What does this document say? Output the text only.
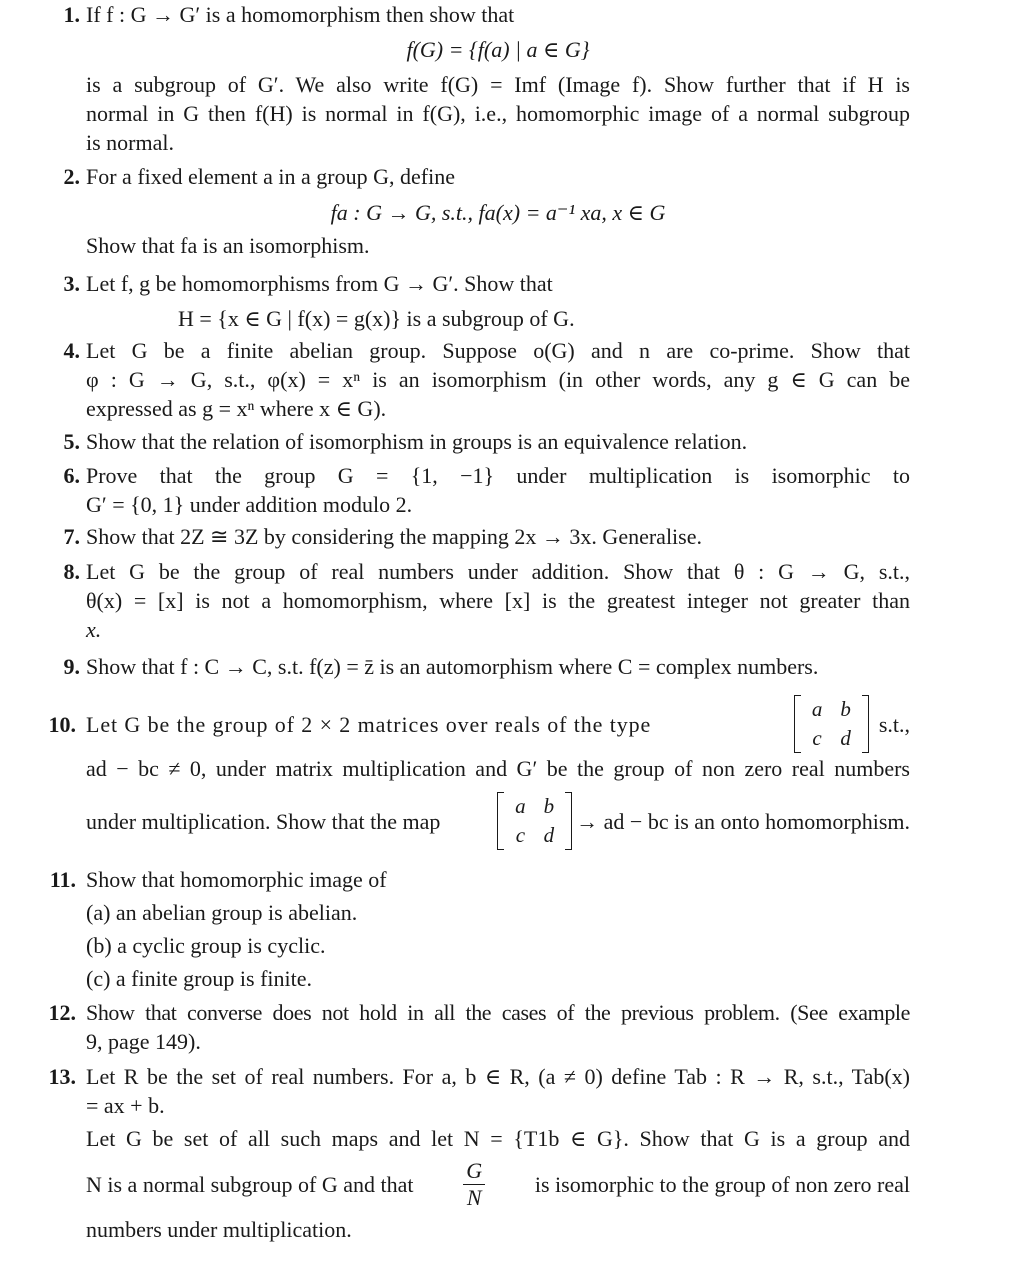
1. If f : G → G′ is a homomorphism then show that
f(G) = {f(a) | a ∈ G}
is a subgroup of G′. We also write f(G) = Imf (Image f). Show further that if H is
normal in G then f(H) is normal in f(G), i.e., homomorphic image of a normal subgroup
is normal.
2. For a fixed element a in a group G, define
fa : G → G, s.t., fa(x) = a⁻¹ xa, x ∈ G
Show that fa is an isomorphism.
3. Let f, g be homomorphisms from G → G′. Show that
H = {x ∈ G | f(x) = g(x)} is a subgroup of G.
4. Let G be a finite abelian group. Suppose o(G) and n are co-prime. Show that
φ : G → G, s.t., φ(x) = xⁿ is an isomorphism (in other words, any g ∈ G can be
expressed as g = xⁿ where x ∈ G).
5. Show that the relation of isomorphism in groups is an equivalence relation.
6. Prove that the group G = {1, −1} under multiplication is isomorphic to
G′ = {0, 1} under addition modulo 2.
7. Show that 2Z ≅ 3Z by considering the mapping 2x → 3x. Generalise.
8. Let G be the group of real numbers under addition. Show that θ : G → G, s.t.,
θ(x) = [x] is not a homomorphism, where [x] is the greatest integer not greater than
x.
9. Show that f : C → C, s.t. f(z) = z̄ is an automorphism where C = complex numbers.
10. Let G be the group of 2 × 2 matrices over reals of the type
a	b
c	d
s.t.,
ad − bc ≠ 0, under matrix multiplication and G′ be the group of non zero real numbers
under multiplication. Show that the map
a	b
c	d
→ ad − bc is an onto homomorphism.
11. Show that homomorphic image of
(a) an abelian group is abelian.
(b) a cyclic group is cyclic.
(c) a finite group is finite.
12. Show that converse does not hold in all the cases of the previous problem. (See example
9, page 149).
13. Let R be the set of real numbers. For a, b ∈ R, (a ≠ 0) define Tab : R → R, s.t., Tab(x)
= ax + b.
Let G be set of all such maps and let N = {T1b ∈ G}. Show that G is a group and
N is a normal subgroup of G and that $\frac{G}{N}$ is isomorphic to the group of non zero real
numbers under multiplication.
